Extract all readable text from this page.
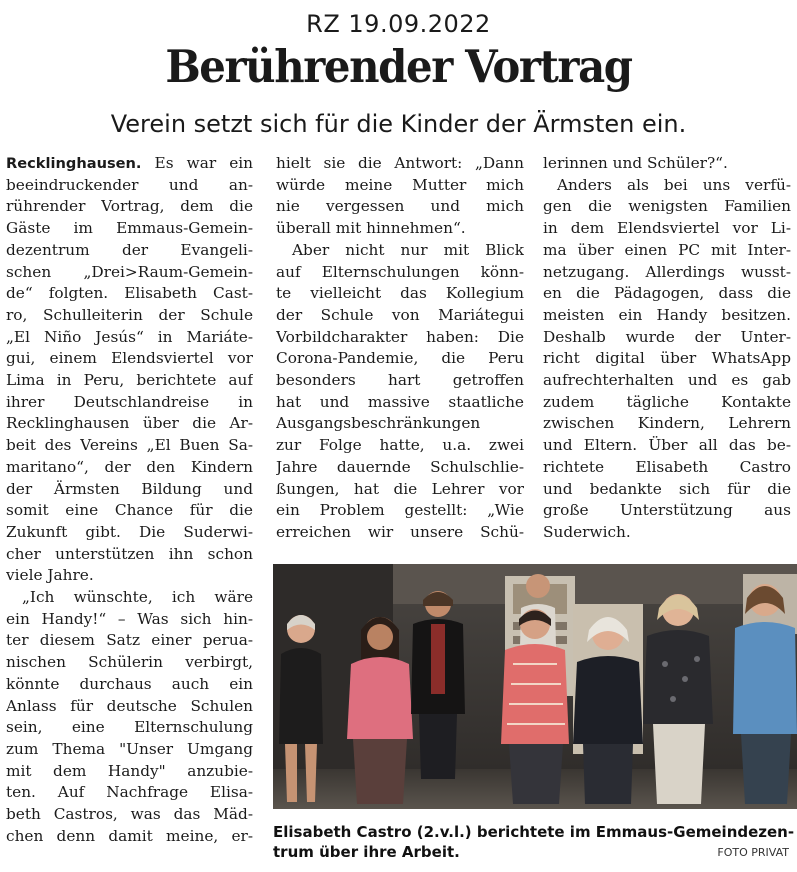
RZ 19.09.2022
Berührender Vortrag
Verein setzt sich für die Kinder der Ärmsten ein.
Recklinghausen. Es war ein
beeindruckender und an-
rührender Vortrag, dem die
Gäste im Emmaus-Gemein-
dezentrum der Evangeli-
schen „Drei>Raum-Gemein-
de“ folgten. Elisabeth Cast-
ro, Schulleiterin der Schule
„El Niño Jesús“ in Mariáte-
gui, einem Elendsviertel vor
Lima in Peru, berichtete auf
ihrer Deutschlandreise in
Recklinghausen über die Ar-
beit des Vereins „El Buen Sa-
maritano“, der den Kindern
der Ärmsten Bildung und
somit eine Chance für die
Zukunft gibt. Die Suderwi-
cher unterstützen ihn schon
viele Jahre.
„Ich wünschte, ich wäre
ein Handy!“ – Was sich hin-
ter diesem Satz einer perua-
nischen Schülerin verbirgt,
könnte durchaus auch ein
Anlass für deutsche Schulen
sein, eine Elternschulung
zum Thema "Unser Umgang
mit dem Handy" anzubie-
ten. Auf Nachfrage Elisa-
beth Castros, was das Mäd-
chen denn damit meine, er-
hielt sie die Antwort: „Dann
würde meine Mutter mich
nie vergessen und mich
überall mit hinnehmen“.
Aber nicht nur mit Blick
auf Elternschulungen könn-
te vielleicht das Kollegium
der Schule von Mariátegui
Vorbildcharakter haben: Die
Corona-Pandemie, die Peru
besonders hart getroffen
hat und massive staatliche
Ausgangsbeschränkungen
zur Folge hatte, u.a. zwei
Jahre dauernde Schulschlie-
ßungen, hat die Lehrer vor
ein Problem gestellt: „Wie
erreichen wir unsere Schü-
lerinnen und Schüler?“.
Anders als bei uns verfü-
gen die wenigsten Familien
in dem Elendsviertel vor Li-
ma über einen PC mit Inter-
netzugang. Allerdings wusst-
en die Pädagogen, dass die
meisten ein Handy besitzen.
Deshalb wurde der Unter-
richt digital über WhatsApp
aufrechterhalten und es gab
zudem tägliche Kontakte
zwischen Kindern, Lehrern
und Eltern. Über all das be-
richtete Elisabeth Castro
und bedankte sich für die
große Unterstützung aus
Suderwich.
Elisabeth Castro (2.v.l.) berichtete im Emmaus-Gemeindezen-
trum über ihre Arbeit.	FOTO PRIVAT
